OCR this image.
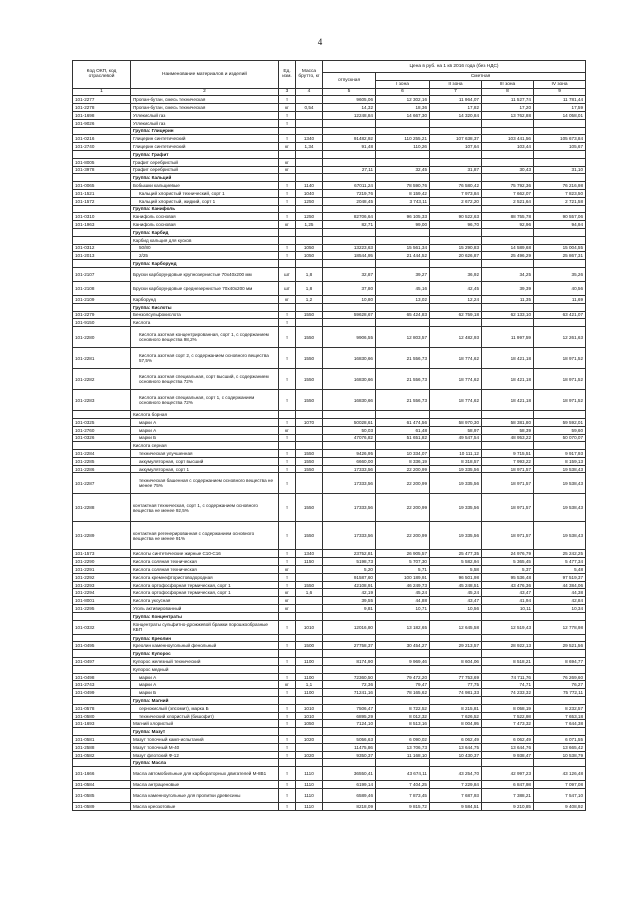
4
Код ОКП, код отраслевой	Наименование материалов и изделий	Ед. изм.	Масса брутто, кг	Цена в руб. на 1 кв 2016 года (без НДС)				
				отпускная	Сметная			
					I зона	II зона	III зона	IV зона
1	2	3	4	5	6	7	8	9
101-2277	Пропан-бутан, смесь техническая	т		9605,06	12 302,16	11 964,07	11 527,74	11 781,44
101-2278	Пропан-бутан, смесь техническая	кг	0,54	14,32	18,36	17,82	17,20	17,59
101-1698	Углекислый газ	т		12248,84	14 667,30	14 320,84	13 762,88	14 058,01
101-9026	Углекислый газ	т						
	Группа: Глицерин							
101-0216	Глицерин синтетический	т	1340	91482,92	110 255,21	107 638,37	103 441,56	105 673,84
101-2740	Глицерин синтетический	кг	1,34	91,48	110,26	107,64	103,44	105,67
	Группа: Графит							
101-8005	Графит серебристый	кг						
101-3978	Графит серебристый	кг		27,11	32,45	31,87	30,43	31,10
	Группа: Кальций							
101-0065	Бобышки кальциевые	т	1140	67011,24	78 590,76	76 580,42	75 792,36	76 216,98
101-1521	Кальций хлористый технический, сорт 1	т	1040	7219,76	8 159,42	7 973,84	7 662,07	7 823,50
101-1572	Кальций хлористый, жидкий, сорт 1	т	1250	2048,45	3 743,11	2 672,20	2 521,64	2 721,58
	Группа: Канифоль							
101-0310	Канифоль сосновая	т	1250	82706,64	96 105,33	90 522,63	88 755,78	90 557,06
101-1963	Канифоль сосновая	кг	1,25	82,71	99,00	96,70	92,96	94,94
	Группа: Карбид							
	Карбид кальция для кусков							
101-0312	50/80	т	1050	13223,63	15 561,34	15 290,83	14 589,68	15 004,55
101-2013	2/25	т	1050	18544,95	21 444,52	20 626,87	25 496,29	25 867,31
	Группа: Карборунд							
101-2107	Бруски карборундовые крупнозернистые 70х40х200 мм	шт	1,8	32,87	39,27	36,92	34,25	35,26
101-2108	Бруски карборундовые среднезернистые 70х40х200 мм	шт	1,8	37,80	45,16	42,45	39,39	40,56
101-2109	Карборунд	кг	1,2	10,80	13,02	12,24	11,35	11,69
	Группа: Кислоты							
101-2279	Бензолсульфокислота	т	1550	59628,67	65 424,83	62 759,18	62 133,10	63 421,07
101-9150	Кислота	т						
101-2280	Кислота азотная концентрированная, сорт 1, с содержанием основного вещества 98,2%	т	1550	9906,55	12 803,57	12 482,93	11 997,59	12 261,63
101-2281	Кислота азотная сорт 2, с содержанием основного вещества 57,5%	т	1550	16830,66	21 556,73	18 774,62	18 421,18	18 971,52
101-2282	Кислота азотная специальная, сорт высший, с содержанием основного вещества 72%	т	1550	16830,66	21 556,73	18 774,62	18 421,18	18 971,52
101-2283	Кислота азотная специальная, сорт 1, с содержанием основного вещества 72%	т	1550	16830,66	21 556,73	18 774,62	18 421,18	18 971,52
	Кислота борная							
101-0325	марки А	т	1070	50028,61	61 474,56	58 970,30	58 381,80	59 592,01
101-2760	марки А	кг		50,03	61,48	58,97	58,39	59,60
101-0326	марки Б	т		47076,82	51 651,82	49 547,54	48 953,22	50 070,07
	Кислота серная							
101-2284	техническая улучшенная	т	1550	9426,95	10 334,07	10 111,12	9 715,51	9 917,93
101-2285	аккумуляторная, сорт высший	т	1550	6660,00	8 336,19	8 318,57	7 993,22	8 159,13
101-2286	аккумуляторная, сорт 1	т	1550	17333,56	22 200,99	19 335,56	18 971,57	19 538,43
101-2287	техническая башенная с содержанием основного вещества не менее 75%	т		17333,56	22 200,99	19 335,56	18 971,57	19 538,43
101-2288	контактная техническая, сорт 1, с содержанием основного вещества не менее 92,5%	т	1550	17333,56	22 200,99	19 335,56	18 971,57	19 538,43
101-2289	контактная регенерированная с содержанием основного вещества не менее 91%	т	1550	17333,56	22 200,99	19 335,56	18 971,57	19 538,43
101-1573	Кислоты синтетические жирные С10-С16	т	1340	23752,81	26 905,57	25 477,35	24 976,79	25 242,25
101-2290	Кислота соляная техническая	т	1150	5198,73	5 707,30	5 582,94	5 365,45	5 477,34
101-2291	Кислота соляная техническая	кг		5,20	5,71	5,58	5,37	5,48
101-2292	Кислота кремнефтористоводородная	т		91587,60	100 189,91	96 501,98	95 536,48	97 519,37
101-2293	Кислота ортофосфорная термическая, сорт 1	т	1550	42108,91	46 249,73	45 248,51	43 476,36	44 384,06
101-2294	Кислота ортофосфорная термическая, сорт 1	кг	1,6	42,19	45,24	45,24	43,47	44,38
101-8001	Кислота уксусная	кг		39,55	44,88	43,47	41,94	42,84
101-2295	Уголь активированный	кг		9,81	10,71	10,56	10,11	10,34
	Группа: Концентраты							
101-0332	Концентраты сульфитно-дрожжевой бражки порошкообразные КБП	т	1010	12016,80	13 182,65	12 645,58	12 519,43	12 778,98
	Группа: Креолин							
101-0495	Креолин каменноугольный фенольный	т	1500	27758,37	30 454,27	29 213,57	28 922,13	29 521,56
	Группа: Купорос							
101-0497	Купорос железный технический	т	1100	8174,90	9 969,46	8 604,06	8 518,21	8 694,77
	Купорос медный							
101-0498	марки А	т	1100	72360,50	79 472,20	77 753,69	74 711,76	76 269,60
101-2743	марки А	кг	1,1	72,36	79,47	77,75	74,71	76,27
101-0499	марки Б	т	1100	71241,16	78 165,62	74 981,33	74 233,32	75 772,11
	Группа: Магний							
101-0578	сернокислый (эпсомит), марка Б	т	1010	7506,47	8 722,52	8 215,81	8 058,19	8 232,57
101-0580	технический хлористый (бишофит)	т	1010	6895,29	8 012,32	7 626,52	7 522,98	7 653,18
101-1693	Магний хлористый	т	1050	7124,10	8 513,16	8 004,95	7 473,32	7 644,38
	Группа: Мазут							
101-0581	Мазут топочный камп-испытаний	т	1020	5056,63	6 090,02	6 062,49	6 062,49	6 071,55
101-2588	Мазут топочный М-40	т		11475,86	13 706,73	13 644,75	13 644,76	13 665,42
101-0582	Мазут флотский Ф-12	т	1020	9350,37	11 168,10	10 430,37	9 938,47	10 538,79
	Группа: Масла							
101-1666	Масла автомобильные для карбюраторных двигателей М-8В1	т	1110	36550,41	43 674,11	43 254,70	42 997,23	43 126,48
101-0584	Масла антраценовые	т	1110	6199,14	7 404,25	7 229,84	6 847,98	7 097,08
101-0585	Масла каменноугольные для пропитки древесины	т	1110	6589,46	7 873,45	7 687,93	7 388,21	7 547,10
101-0589	Масла креозотовые	т	1110	8218,09	9 815,72	9 584,51	9 210,85	9 408,92
